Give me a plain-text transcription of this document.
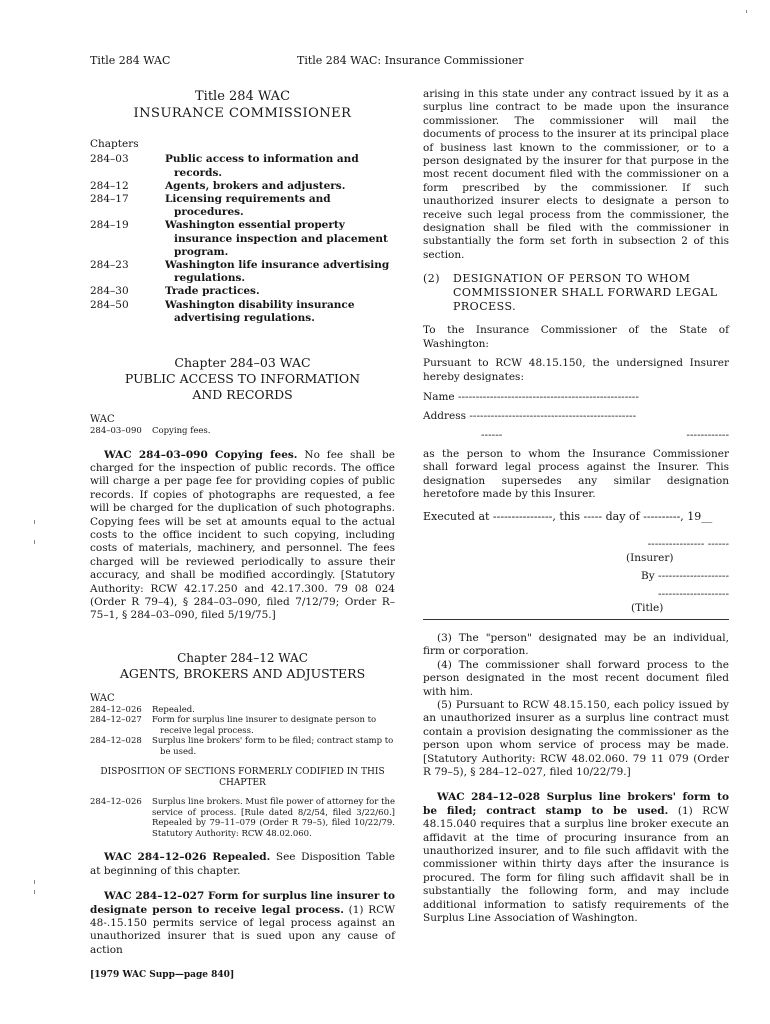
Title 284 WAC	Title 284 WAC: Insurance Commissioner

Title 284 WAC

INSURANCE COMMISSIONER

Chapters

284–03	Public access to information and records.
284–12	Agents, brokers and adjusters.
284–17	Licensing requirements and procedures.
284–19	Washington essential property insurance inspection and placement program.
284–23	Washington life insurance advertising regulations.
284–30	Trade practices.
284–50	Washington disability insurance advertising regulations.

Chapter 284–03 WAC

PUBLIC ACCESS TO INFORMATION AND RECORDS

WAC

284–03–090	Copying fees.

WAC 284–03–090 Copying fees. No fee shall be charged for the inspection of public records. The office will charge a per page fee for providing copies of public records. If copies of photographs are requested, a fee will be charged for the duplication of such photographs. Copying fees will be set at amounts equal to the actual costs to the office incident to such copying, including costs of materials, machinery, and personnel. The fees charged will be reviewed periodically to assure their accuracy, and shall be modified accordingly. [Statutory Authority: RCW 42.17.250 and 42.17.300. 79 08 024 (Order R 79–4), § 284–03–090, filed 7/12/79; Order R–75–1, § 284–03–090, filed 5/19/75.]

Chapter 284–12 WAC

AGENTS, BROKERS AND ADJUSTERS

WAC

284–12–026	Repealed.
284–12–027	Form for surplus line insurer to designate person to receive legal process.
284–12–028	Surplus line brokers' form to be filed; contract stamp to be used.

DISPOSITION OF SECTIONS FORMERLY CODIFIED IN THIS CHAPTER

284–12–026	Surplus line brokers. Must file power of attorney for the service of process. [Rule dated 8/2/54, filed 3/22/60.] Repealed by 79–11–079 (Order R 79–5), filed 10/22/79. Statutory Authority: RCW 48.02.060.

WAC 284–12–026 Repealed. See Disposition Table at beginning of this chapter.

WAC 284–12–027 Form for surplus line insurer to designate person to receive legal process. (1) RCW 48-.15.150 permits service of legal process against an unauthorized insurer that is sued upon any cause of action

[1979 WAC Supp—page 840]

arising in this state under any contract issued by it as a surplus line contract to be made upon the insurance commissioner. The commissioner will mail the documents of process to the insurer at its principal place of business last known to the commissioner, or to a person designated by the insurer for that purpose in the most recent document filed with the commissioner on a form prescribed by the commissioner. If such unauthorized insurer elects to designate a person to receive such legal process from the commissioner, the designation shall be filed with the commissioner in substantially the form set forth in subsection 2 of this section.

(2)	DESIGNATION OF PERSON TO WHOM COMMISSIONER SHALL FORWARD LEGAL PROCESS.

To the Insurance Commissioner of the State of Washington:

Pursuant to RCW 48.15.150, the undersigned Insurer hereby designates:

Name ---------------------------------------------------

Address -----------------------------------------------

------	------------

as the person to whom the Insurance Commissioner shall forward legal process against the Insurer. This designation supersedes any similar designation heretofore made by this Insurer.

Executed at ----------------, this ----- day of ----------, 19__

---------------- ------

(Insurer)

By --------------------

--------------------

(Title)

(3) The "person" designated may be an individual, firm or corporation.

(4) The commissioner shall forward process to the person designated in the most recent document filed with him.

(5) Pursuant to RCW 48.15.150, each policy issued by an unauthorized insurer as a surplus line contract must contain a provision designating the commissioner as the person upon whom service of process may be made. [Statutory Authority: RCW 48.02.060. 79 11 079 (Order R 79–5), § 284–12–027, filed 10/22/79.]

WAC 284–12–028 Surplus line brokers' form to be filed; contract stamp to be used. (1) RCW 48.15.040 requires that a surplus line broker execute an affidavit at the time of procuring insurance from an unauthorized insurer, and to file such affidavit with the commissioner within thirty days after the insurance is procured. The form for filing such affidavit shall be in substantially the following form, and may include additional information to satisfy requirements of the Surplus Line Association of Washington.
